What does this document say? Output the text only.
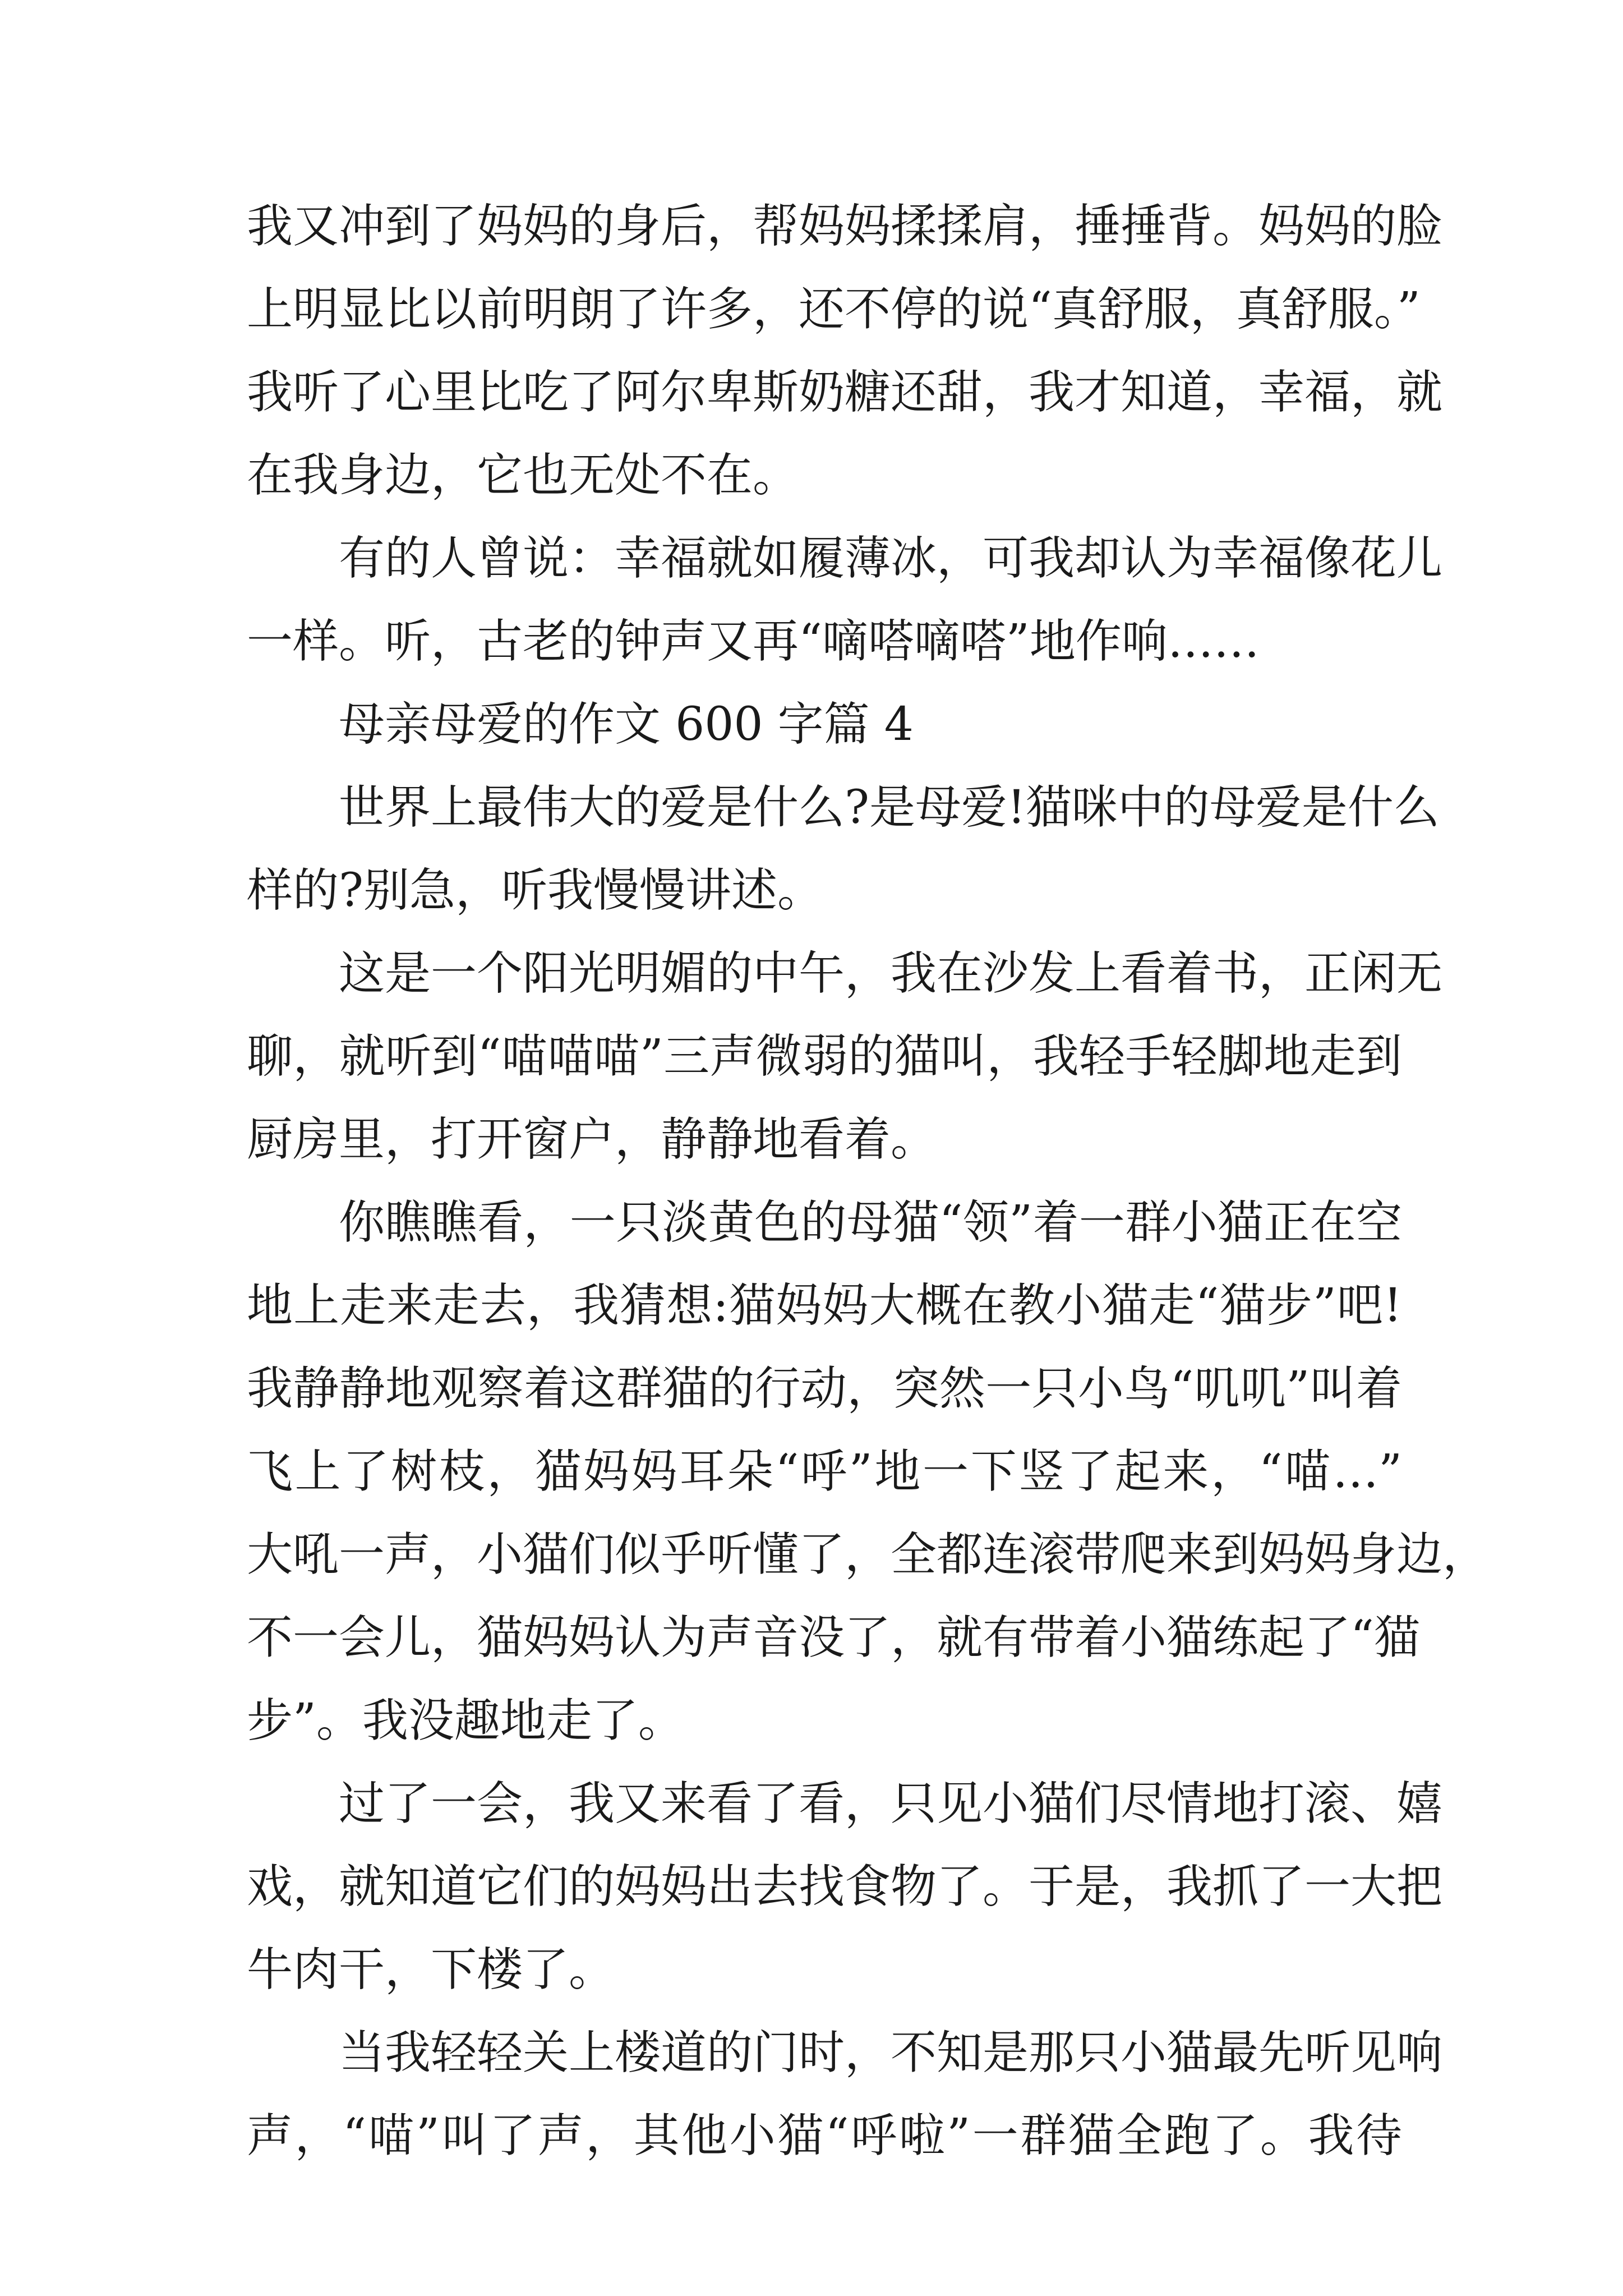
我又冲到了妈妈的身后，帮妈妈揉揉肩，捶捶背。妈妈的脸
上明显比以前明朗了许多，还不停的说“真舒服，真舒服。”
我听了心里比吃了阿尔卑斯奶糖还甜，我才知道，幸福，就
在我身边，它也无处不在。
有的人曾说：幸福就如履薄冰，可我却认为幸福像花儿
一样。听，古老的钟声又再“嘀嗒嘀嗒”地作响……
母亲母爱的作文 600 字篇 4
世界上最伟大的爱是什么?是母爱!猫咪中的母爱是什么
样的?别急，听我慢慢讲述。
这是一个阳光明媚的中午，我在沙发上看着书，正闲无
聊，就听到“喵喵喵”三声微弱的猫叫，我轻手轻脚地走到
厨房里，打开窗户，静静地看着。
你瞧瞧看，一只淡黄色的母猫“领”着一群小猫正在空
地上走来走去，我猜想:猫妈妈大概在教小猫走“猫步”吧!
我静静地观察着这群猫的行动，突然一只小鸟“叽叽”叫着
飞上了树枝，猫妈妈耳朵“呼”地一下竖了起来，“喵…”
大吼一声，小猫们似乎听懂了，全都连滚带爬来到妈妈身边，
不一会儿，猫妈妈认为声音没了，就有带着小猫练起了“猫
步”。我没趣地走了。
过了一会，我又来看了看，只见小猫们尽情地打滚、嬉
戏，就知道它们的妈妈出去找食物了。于是，我抓了一大把
牛肉干，下楼了。
当我轻轻关上楼道的门时，不知是那只小猫最先听见响
声，“喵”叫了声，其他小猫“呼啦”一群猫全跑了。我待
